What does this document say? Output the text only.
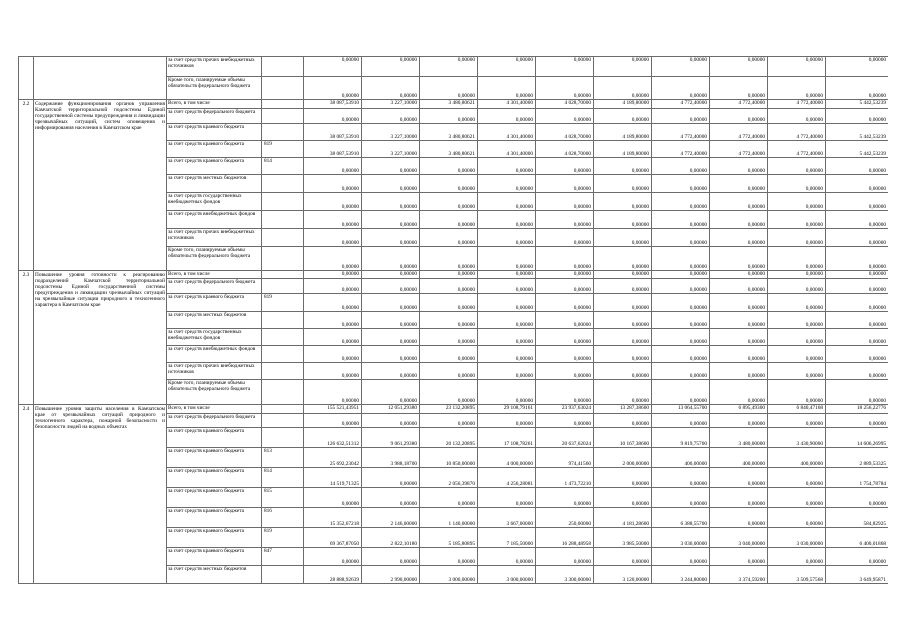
		за счет средств прочих внебюджетных источников		0,00000	0,00000	0,00000	0,00000	0,00000	0,00000	0,00000	0,00000	0,00000	0,00000
		Кроме того, планируемые объемы обязательств федерального бюджета		0,00000	0,00000	0,00000	0,00000	0,00000	0,00000	0,00000	0,00000	0,00000	0,00000
2.2	Содержание функционирования органов управления Камчатской территориальной подсистемы Единой государственной системы предупреждения и ликвидации чрезвычайных ситуаций, систем оповещения и информирования населения в Камчатском крае	Всего, в том числе		38 087,53910	3 227,10000	3 480,80621	4 301,40000	4 028,70000	4 189,80000	4 772,40000	4 772,40000	4 772,40000	5 442,53239
		за счет средств федерального бюджета		0,00000	0,00000	0,00000	0,00000	0,00000	0,00000	0,00000	0,00000	0,00000	0,00000
		за счет средств краевого бюджета		38 087,53910	3 227,10000	3 480,80621	4 301,40000	4 028,70000	4 189,80000	4 772,40000	4 772,40000	4 772,40000	5 442,53239
		за счет средств краевого бюджета	819	38 087,53910	3 227,10000	3 480,80621	4 301,40000	4 028,70000	4 189,80000	4 772,40000	4 772,40000	4 772,40000	5 442,53239
		за счет средств краевого бюджета	814	0,00000	0,00000	0,00000	0,00000	0,00000	0,00000	0,00000	0,00000	0,00000	0,00000
		за счет средств местных бюджетов		0,00000	0,00000	0,00000	0,00000	0,00000	0,00000	0,00000	0,00000	0,00000	0,00000
		за счет средств государственных внебюджетных фондов		0,00000	0,00000	0,00000	0,00000	0,00000	0,00000	0,00000	0,00000	0,00000	0,00000
		за счет средств внебюджетных фондов		0,00000	0,00000	0,00000	0,00000	0,00000	0,00000	0,00000	0,00000	0,00000	0,00000
		за счет средств прочих внебюджетных источников		0,00000	0,00000	0,00000	0,00000	0,00000	0,00000	0,00000	0,00000	0,00000	0,00000
		Кроме того, планируемые объемы обязательств федерального бюджета		0,00000	0,00000	0,00000	0,00000	0,00000	0,00000	0,00000	0,00000	0,00000	0,00000
2.3	Повышение уровня готовности к реагированию подразделений Камчатской территориальной подсистемы Единой государственной системы предупреждения и ликвидации чрезвычайных ситуаций на чрезвычайные ситуации природного и техногенного характера в Камчатском крае	Всего, в том числе		0,00000	0,00000	0,00000	0,00000	0,00000	0,00000	0,00000	0,00000	0,00000	0,00000
		за счет средств федерального бюджета		0,00000	0,00000	0,00000	0,00000	0,00000	0,00000	0,00000	0,00000	0,00000	0,00000
		за счет средств краевого бюджета	819	0,00000	0,00000	0,00000	0,00000	0,00000	0,00000	0,00000	0,00000	0,00000	0,00000
		за счет средств местных бюджетов		0,00000	0,00000	0,00000	0,00000	0,00000	0,00000	0,00000	0,00000	0,00000	0,00000
		за счет средств государственных внебюджетных фондов		0,00000	0,00000	0,00000	0,00000	0,00000	0,00000	0,00000	0,00000	0,00000	0,00000
		за счет средств внебюджетных фондов		0,00000	0,00000	0,00000	0,00000	0,00000	0,00000	0,00000	0,00000	0,00000	0,00000
		за счет средств прочих внебюджетных источников		0,00000	0,00000	0,00000	0,00000	0,00000	0,00000	0,00000	0,00000	0,00000	0,00000
		Кроме того, планируемые объемы обязательств федерального бюджета		0,00000	0,00000	0,00000	0,00000	0,00000	0,00000	0,00000	0,00000	0,00000	0,00000
2.4	Повышение уровня защиты населения в Камчатском крае от чрезвычайных ситуаций природного и техногенного характера, пожарной безопасности и безопасности людей на водных объектах	Всего, в том числе		155 521,43951	12 051,29380	23 132,20895	29 108,79161	23 937,63024	13 287,38600	13 064,55700	6 895,49300	6 840,47168	18 256,22776
		за счет средств федерального бюджета		0,00000	0,00000	0,00000	0,00000	0,00000	0,00000	0,00000	0,00000	0,00000	0,00000
		за счет средств краевого бюджета		126 632,51312	9 061,29380	20 132,20895	17 108,78261	20 637,62024	10 167,38600	9 819,75700	3 480,00000	3 430,90000	14 606,26995
		за счет средств краевого бюджета	813	25 692,23042	3 988,18700	10 850,00000	4 000,00000	974,41560	2 000,00000	400,00000	400,00000	400,00000	2 889,53325
		за счет средств краевого бюджета	814	14 519,71325	0,00000	2 056,39870	4 256,28081	1 473,72210	0,00000	0,00000	0,00000	0,00000	1 754,78784
		за счет средств краевого бюджета	815	0,00000	0,00000	0,00000	0,00000	0,00000	0,00000	0,00000	0,00000	0,00000	0,00000
		за счет средств краевого бюджета	816	15 352,67218	2 146,00000	1 140,00000	3 667,00000	250,00000	4 181,28600	6 388,55700	0,00000	0,00000	584,82925
		за счет средств краевого бюджета	819	69 367,87050	2 822,10180	5 185,80895	7 185,50000	16 288,48958	3 985,50000	3 030,00000	3 040,00000	3 030,00000	6 400,01868
		за счет средств краевого бюджета	847	0,00000	0,00000	0,00000	0,00000	0,00000	0,00000	0,00000	0,00000	0,00000	0,00000
		за счет средств местных бюджетов		28 888,92639	2 990,00000	3 000,00000	3 000,00000	3 300,00000	3 120,00000	3 244,80000	3 374,59200	3 509,57568	3 649,95871
